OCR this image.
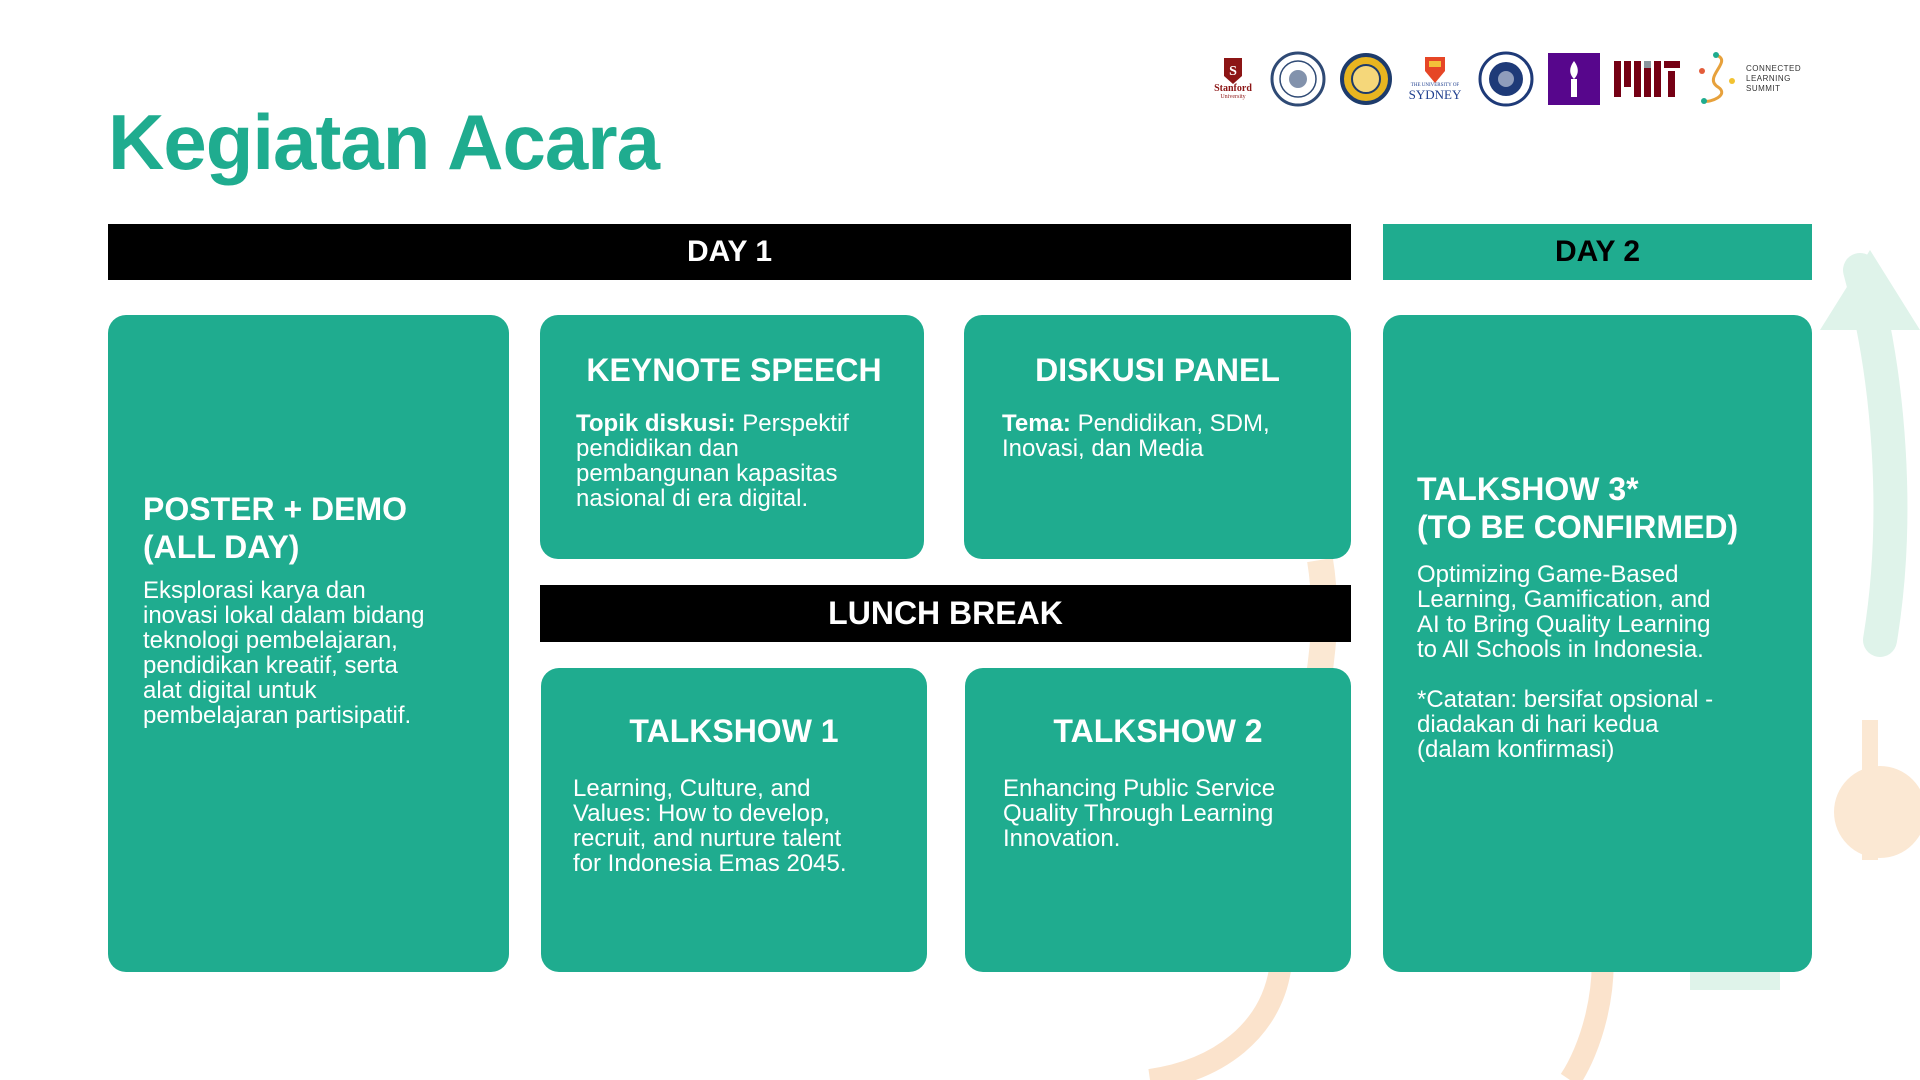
S
Stanford
University
THE UNIVERSITY OF
SYDNEY
CONNECTED
LEARNING
SUMMIT
Kegiatan Acara
DAY 1	DAY 2
POSTER + DEMO
(ALL DAY)

Eksplorasi karya dan
inovasi lokal dalam bidang
teknologi pembelajaran,
pendidikan kreatif, serta
alat digital untuk
pembelajaran partisipatif.

KEYNOTE SPEECH

Topik diskusi: Perspektif
pendidikan dan
pembangunan kapasitas
nasional di era digital.

DISKUSI PANEL

Tema: Pendidikan, SDM,
Inovasi, dan Media

LUNCH BREAK
TALKSHOW 1

Learning, Culture, and
Values: How to develop,
recruit, and nurture talent
for Indonesia Emas 2045.

TALKSHOW 2

Enhancing Public Service
Quality Through Learning
Innovation.

TALKSHOW 3*
(TO BE CONFIRMED)

Optimizing Game-Based
Learning, Gamification, and
AI to Bring Quality Learning
to All Schools in Indonesia.

*Catatan: bersifat opsional -
diadakan di hari kedua
(dalam konfirmasi)
